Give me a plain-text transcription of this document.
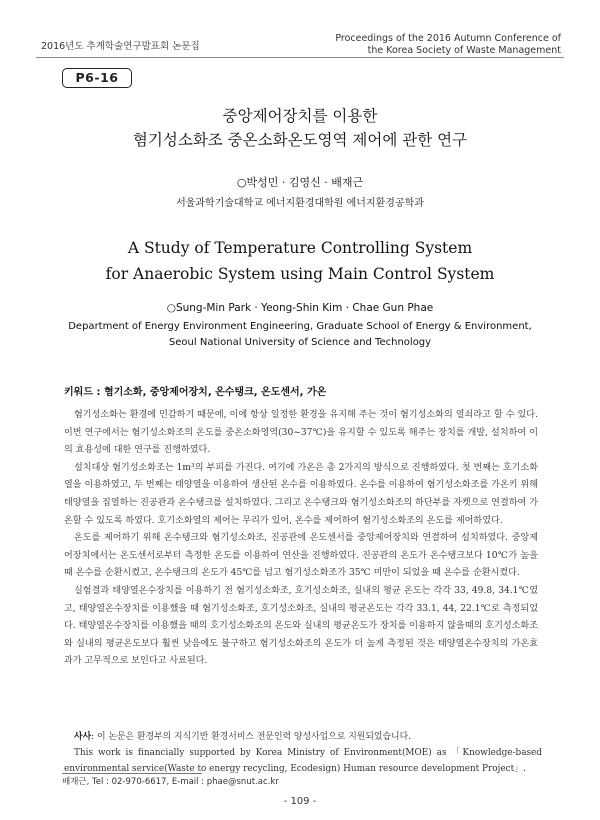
2016년도 추계학술연구발표회 논문집
Proceedings of the 2016 Autumn Conference of
the Korea Society of Waste Management
P6-16
중앙제어장치를 이용한
혐기성소화조 중온소화온도영역 제어에 관한 연구
○박성민 · 김영신 · 배재근
서울과학기술대학교 에너지환경대학원 에너지환경공학과
A Study of Temperature Controlling System
for Anaerobic System using Main Control System
○Sung-Min Park · Yeong-Shin Kim · Chae Gun Phae
Department of Energy Environment Engineering, Graduate School of Energy & Environment,
Seoul National University of Science and Technology
키워드 : 혐기소화, 중앙제어장치, 온수탱크, 온도센서, 가온

혐기성소화는 환경에 민감하기 때문에, 이에 항상 일정한 환경을 유지해 주는 것이 혐기성소화의 열쇠라고 할 수 있다. 이번 연구에서는 혐기성소화조의 온도를 중온소화영역(30~37℃)을 유지할 수 있도록 해주는 장치를 개발, 설치하여 이의 효용성에 대한 연구를 진행하였다.

설치대상 혐기성소화조는 1m³의 부피를 가진다. 여기에 가온은 총 2가지의 방식으로 진행하였다. 첫 번째는 호기소화열을 이용하였고, 두 번째는 태양열을 이용하여 생산된 온수를 이용하였다. 온수를 이용하여 혐기성소화조를 가온키 위해 태양열을 집열하는 진공관과 온수탱크를 설치하였다. 그리고 온수탱크와 혐기성소화조의 하단부를 자켓으로 연결하여 가온할 수 있도록 하였다. 호기소화열의 제어는 무리가 있어, 온수를 제어하여 혐기성소화조의 온도를 제어하였다.

온도를 제어하기 위해 온수탱크와 혐기성소화조, 진공관에 온도센서를 중앙제어장치와 연결하여 설치하였다. 중앙제어장치에서는 온도센서로부터 측정한 온도를 이용하여 연산을 진행하였다. 진공관의 온도가 온수탱크보다 10℃가 높을 때 온수를 순환시켰고, 온수탱크의 온도가 45℃를 넘고 혐기성소화조가 35℃ 미만이 되었을 때 온수를 순환시켰다.

실험결과 태양열온수장치를 이용하기 전 혐기성소화조, 호기성소화조, 실내의 평균 온도는 각각 33, 49.8, 34.1℃였고, 태양열온수장치를 이용했을 때 혐기성소화조, 호기성소화조, 실내의 평균온도는 각각 33.1, 44, 22.1℃로 측정되었다. 태양열온수장치를 이용했을 때의 호기성소화조의 온도와 실내의 평균온도가 장치를 이용하지 않을때의 호기성소화조와 실내의 평균온도보다 훨씬 낮음에도 불구하고 혐기성소화조의 온도가 더 높게 측정된 것은 태양열온수장치의 가온효과가 고무적으로 보인다고 사료된다.

사사: 이 논문은 환경부의 지식기반 환경서비스 전문인력 양성사업으로 지원되었습니다.

This work is financially supported by Korea Ministry of Environment(MOE) as 「Knowledge-based environmental service(Waste to energy recycling, Ecodesign) Human resource development Project」.

배재근, Tel : 02-970-6617, E-mail : phae@snut.ac.kr
- 109 -
